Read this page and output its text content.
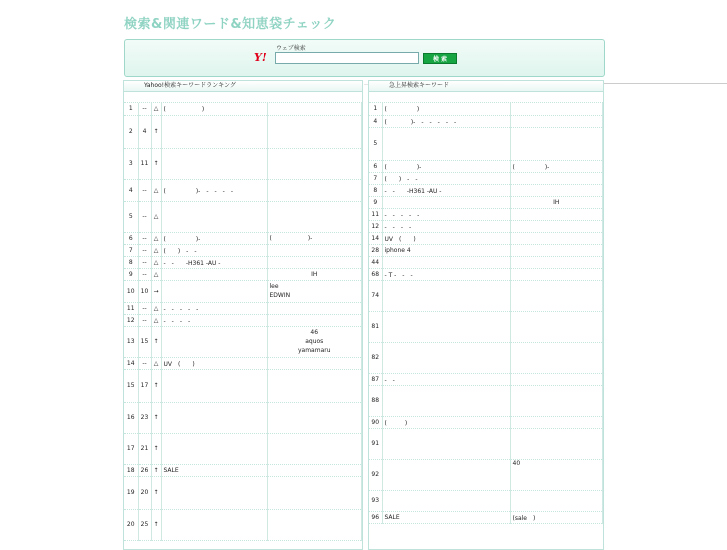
検索&関連ワード&知恵袋チェック
ウェブ検索
Y!	検 索
‥
Yahoo!検索キーワードランキング
1	--	△	(　　　　　　)	
2	4	↑		
3	11	↑		
4	--	△	(　　　　　)-　-　-　-　-	
5	--	△		
6	--	△	(　　　　　)-	(　　　　　　)-
7	--	△	(　　)　-　-	
8	--	△	-　-　　-H361 -AU -	
9	--	△		IH
10	10	→		lee
EDWIN
11	--	△	-　-　-　-　-	
12	--	△	-　-　-　-	
13	15	↑		46
aquos
yamamaru
14	--	△	UV　(　　)	
15	17	↑		
16	23	↑		
17	21	↑		
18	26	↑	SALE	
19	20	↑		
20	25	↑		
急上昇検索キーワード
1	(　　　　　)	
4	(　　　　)-　-　-　-　-　-	
5		
6	(　　　　　)-	(　　　　　)-
7	(　　)　-　-	
8	-　-　　-H361 -AU -	
9		IH
11	-　-　-　-　-	
12	-　-　-　-	
14	UV　(　　)	
28	iphone 4	
44		
68	- T -　-　-	
74		
81		
82		
87	-　-	
88		
90	(　　　)	
91		
92		40
93		
96	SALE	(sale　)
